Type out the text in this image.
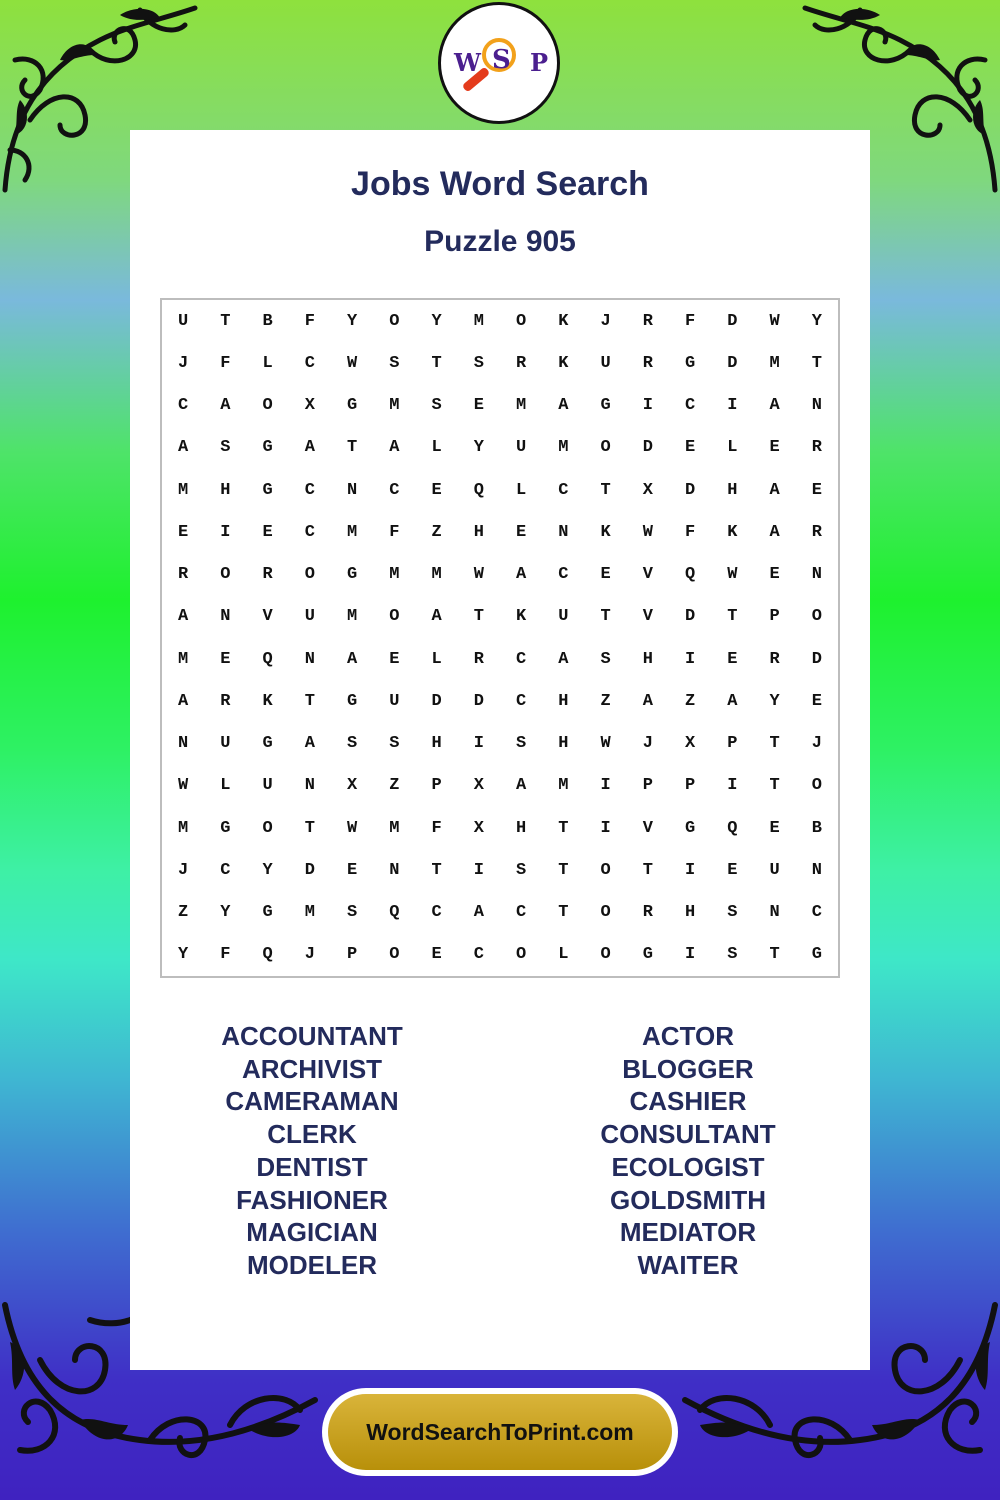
W S P
Jobs Word Search
Puzzle 905
U	T	B	F	Y	O	Y	M	O	K	J	R	F	D	W	Y
J	F	L	C	W	S	T	S	R	K	U	R	G	D	M	T
C	A	O	X	G	M	S	E	M	A	G	I	C	I	A	N
A	S	G	A	T	A	L	Y	U	M	O	D	E	L	E	R
M	H	G	C	N	C	E	Q	L	C	T	X	D	H	A	E
E	I	E	C	M	F	Z	H	E	N	K	W	F	K	A	R
R	O	R	O	G	M	M	W	A	C	E	V	Q	W	E	N
A	N	V	U	M	O	A	T	K	U	T	V	D	T	P	O
M	E	Q	N	A	E	L	R	C	A	S	H	I	E	R	D
A	R	K	T	G	U	D	D	C	H	Z	A	Z	A	Y	E
N	U	G	A	S	S	H	I	S	H	W	J	X	P	T	J
W	L	U	N	X	Z	P	X	A	M	I	P	P	I	T	O
M	G	O	T	W	M	F	X	H	T	I	V	G	Q	E	B
J	C	Y	D	E	N	T	I	S	T	O	T	I	E	U	N
Z	Y	G	M	S	Q	C	A	C	T	O	R	H	S	N	C
Y	F	Q	J	P	O	E	C	O	L	O	G	I	S	T	G
ACCOUNTANT
ARCHIVIST
CAMERAMAN
CLERK
DENTIST
FASHIONER
MAGICIAN
MODELER
ACTOR
BLOGGER
CASHIER
CONSULTANT
ECOLOGIST
GOLDSMITH
MEDIATOR
WAITER
WordSearchToPrint.com
